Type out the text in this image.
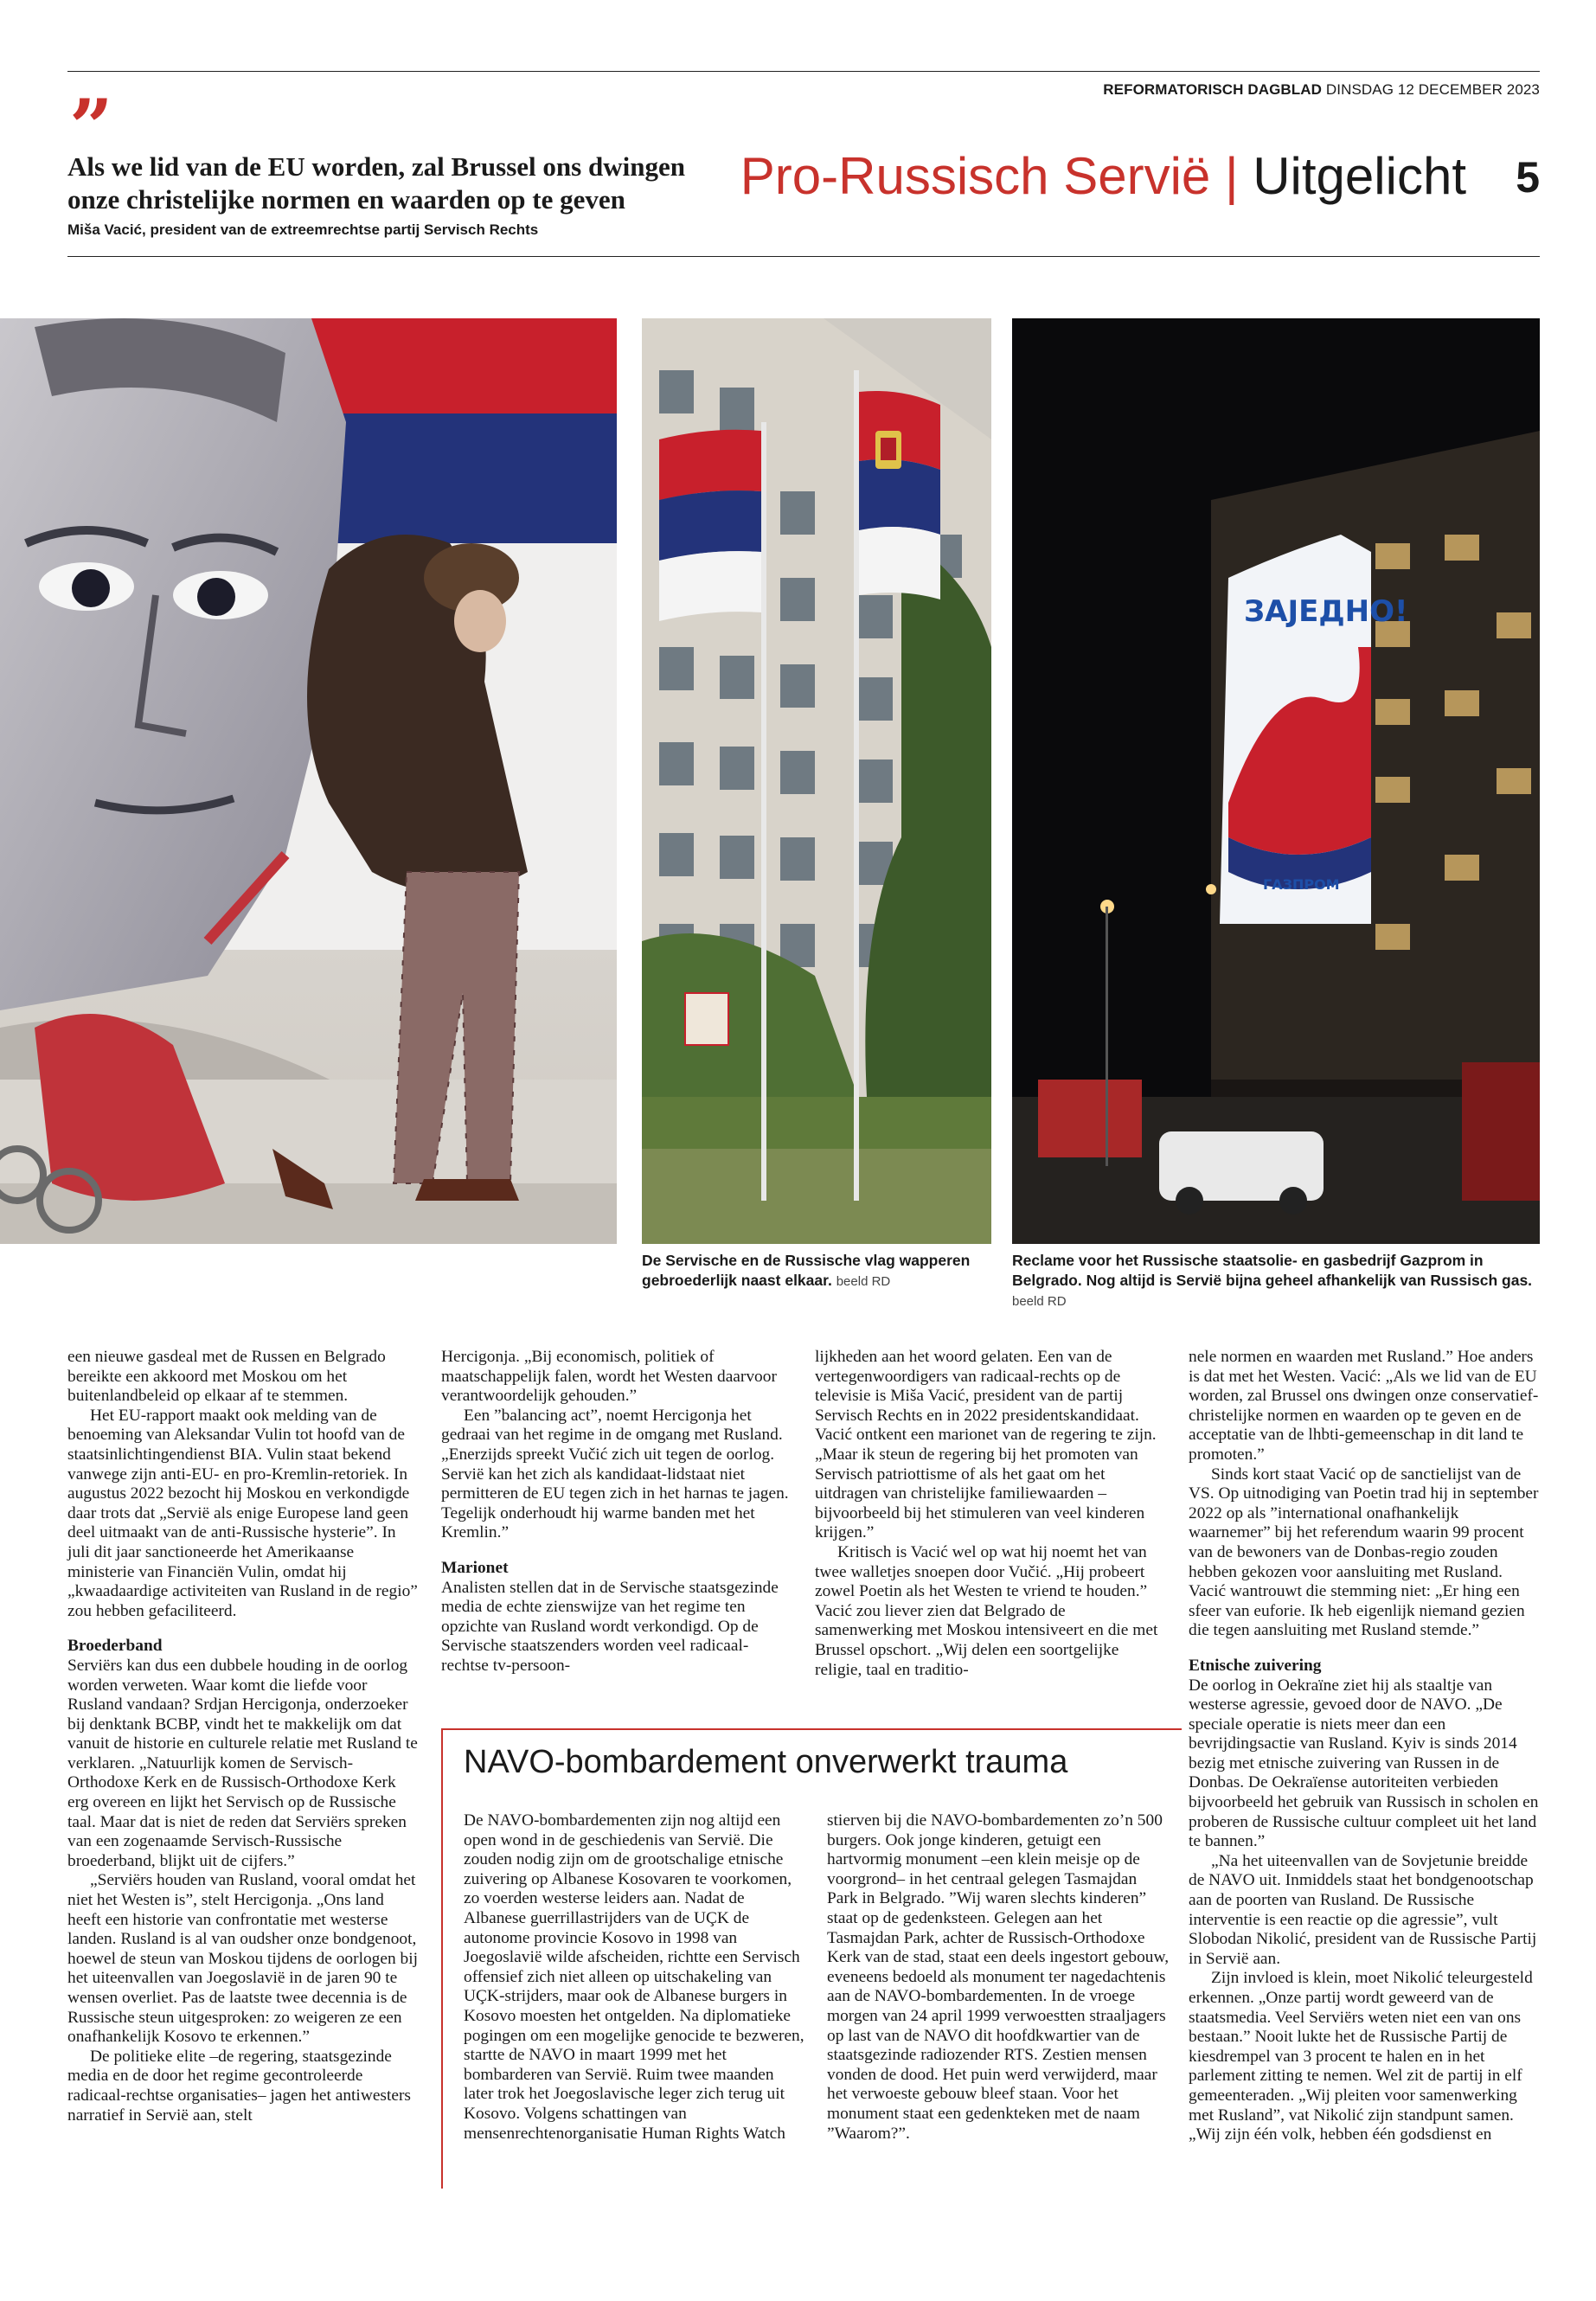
REFORMATORISCH DAGBLAD DINSDAG 12 DECEMBER 2023
”
Als we lid van de EU worden, zal Brussel ons dwingen onze christelijke normen en waarden op te geven
Miša Vacić, president van de extreemrechtse partij Servisch Rechts
Pro-Russisch Servië | Uitgelicht	5
De Servische en de Russische vlag wapperen gebroederlijk naast elkaar. beeld RD
ЗАЈЕДНО!
ГАЗПРОМ
Reclame voor het Russische staatsolie- en gasbedrijf Gazprom in Belgrado. Nog altijd is Servië bijna geheel afhankelijk van Russisch gas. beeld RD

een nieuwe gasdeal met de Russen en Belgrado bereikte een akkoord met Moskou om het buitenlandbeleid op elkaar af te stemmen.

Het EU-rapport maakt ook melding van de benoeming van Aleksandar Vulin tot hoofd van de staatsinlichtingendienst BIA. Vulin staat bekend vanwege zijn anti-EU- en pro-Kremlin-retoriek. In augustus 2022 bezocht hij Moskou en verkondigde daar trots dat „Servië als enige Europese land geen deel uitmaakt van de anti-Russische hysterie”. In juli dit jaar sanctioneerde het Amerikaanse ministerie van Financiën Vulin, omdat hij „kwaadaardige activiteiten van Rusland in de regio” zou hebben gefaciliteerd.

Broederband

Serviërs kan dus een dubbele houding in de oorlog worden verweten. Waar komt die liefde voor Rusland vandaan? Srdjan Hercigonja, onderzoeker bij denktank BCBP, vindt het te makkelijk om dat vanuit de historie en culturele relatie met Rusland te verklaren. „Natuurlijk komen de Servisch-Orthodoxe Kerk en de Russisch-Orthodoxe Kerk erg overeen en lijkt het Servisch op de Russische taal. Maar dat is niet de reden dat Serviërs spreken van een zogenaamde Servisch-Russische broederband, blijkt uit de cijfers.”

„Serviërs houden van Rusland, vooral omdat het niet het Westen is”, stelt Hercigonja. „Ons land heeft een historie van confrontatie met westerse landen. Rusland is al van oudsher onze bondgenoot, hoewel de steun van Moskou tijdens de oorlogen bij het uiteenvallen van Joegoslavië in de jaren 90 te wensen overliet. Pas de laatste twee decennia is de Russische steun uitgesproken: zo weigeren ze een onafhankelijk Kosovo te erkennen.”

De politieke elite –de regering, staatsgezinde media en de door het regime gecontroleerde radicaal-rechtse organisaties– jagen het antiwesters narratief in Servië aan, stelt

Hercigonja. „Bij economisch, politiek of maatschappelijk falen, wordt het Westen daarvoor verantwoordelijk gehouden.”

Een ”balancing act”, noemt Hercigonja het gedraai van het regime in de omgang met Rusland. „Enerzijds spreekt Vučić zich uit tegen de oorlog. Servië kan het zich als kandidaat-lidstaat niet permitteren de EU tegen zich in het harnas te jagen. Tegelijk onderhoudt hij warme banden met het Kremlin.”

Marionet

Analisten stellen dat in de Servische staatsgezinde media de echte zienswijze van het regime ten opzichte van Rusland wordt verkondigd. Op de Servische staatszenders worden veel radicaal-rechtse tv-persoon-

lijkheden aan het woord gelaten. Een van de vertegenwoordigers van radicaal-rechts op de televisie is Miša Vacić, president van de partij Servisch Rechts en in 2022 presidentskandidaat. Vacić ontkent een marionet van de regering te zijn. „Maar ik steun de regering bij het promoten van Servisch patriottisme of als het gaat om het uitdragen van christelijke familiewaarden – bijvoorbeeld bij het stimuleren van veel kinderen krijgen.”

Kritisch is Vacić wel op wat hij noemt het van twee walletjes snoepen door Vučić. „Hij probeert zowel Poetin als het Westen te vriend te houden.” Vacić zou liever zien dat Belgrado de samenwerking met Moskou intensiveert en die met Brussel opschort. „Wij delen een soortgelijke religie, taal en traditio-

nele normen en waarden met Rusland.” Hoe anders is dat met het Westen. Vacić: „Als we lid van de EU worden, zal Brussel ons dwingen onze conservatief-christelijke normen en waarden op te geven en de acceptatie van de lhbti-gemeenschap in dit land te promoten.”

Sinds kort staat Vacić op de sanctielijst van de VS. Op uitnodiging van Poetin trad hij in september 2022 op als ”international onafhankelijk waarnemer” bij het referendum waarin 99 procent van de bewoners van de Donbas-regio zouden hebben gekozen voor aansluiting met Rusland. Vacić wantrouwt die stemming niet: „Er hing een sfeer van euforie. Ik heb eigenlijk niemand gezien die tegen aansluiting met Rusland stemde.”

Etnische zuivering

De oorlog in Oekraïne ziet hij als staaltje van westerse agressie, gevoed door de NAVO. „De speciale operatie is niets meer dan een bevrijdingsactie van Rusland. Kyiv is sinds 2014 bezig met etnische zuivering van Russen in de Donbas. De Oekraïense autoriteiten verbieden bijvoorbeeld het gebruik van Russisch in scholen en proberen de Russische cultuur compleet uit het land te bannen.”

„Na het uiteenvallen van de Sovjetunie breidde de NAVO uit. Inmiddels staat het bondgenootschap aan de poorten van Rusland. De Russische interventie is een reactie op die agressie”, vult Slobodan Nikolić, president van de Russische Partij in Servië aan.

Zijn invloed is klein, moet Nikolić teleurgesteld erkennen. „Onze partij wordt geweerd van de staatsmedia. Veel Serviërs weten niet een van ons bestaan.” Nooit lukte het de Russische Partij de kiesdrempel van 3 procent te halen en in het parlement zitting te nemen. Wel zit de partij in elf gemeenteraden. „Wij pleiten voor samenwerking met Rusland”, vat Nikolić zijn standpunt samen. „Wij zijn één volk, hebben één godsdienst en

NAVO-bombardement onverwerkt trauma

De NAVO-bombardementen zijn nog altijd een open wond in de geschiedenis van Servië. Die zouden nodig zijn om de grootschalige etnische zuivering op Albanese Kosovaren te voorkomen, zo voerden westerse leiders aan. Nadat de Albanese guerrillastrijders van de UÇK de autonome provincie Kosovo in 1998 van Joegoslavië wilde afscheiden, richtte een Servisch offensief zich niet alleen op uitschakeling van UÇK-strijders, maar ook de Albanese burgers in Kosovo moesten het ontgelden. Na diplomatieke pogingen om een mogelijke genocide te bezweren, startte de NAVO in maart 1999 met het bombarderen van Servië. Ruim twee maanden later trok het Joegoslavische leger zich terug uit Kosovo. Volgens schattingen van mensenrechtenorganisatie Human Rights Watch

stierven bij die NAVO-bombardementen zo’n 500 burgers. Ook jonge kinderen, getuigt een hartvormig monument –een klein meisje op de voorgrond– in het centraal gelegen Tasmajdan Park in Belgrado. ”Wij waren slechts kinderen” staat op de gedenksteen. Gelegen aan het Tasmajdan Park, achter de Russisch-Orthodoxe Kerk van de stad, staat een deels ingestort gebouw, eveneens bedoeld als monument ter nagedachtenis aan de NAVO-bombardementen. In de vroege morgen van 24 april 1999 verwoestten straaljagers op last van de NAVO dit hoofdkwartier van de staatsgezinde radiozender RTS. Zestien mensen vonden de dood. Het puin werd verwijderd, maar het verwoeste gebouw bleef staan. Voor het monument staat een gedenkteken met de naam ”Waarom?”.
